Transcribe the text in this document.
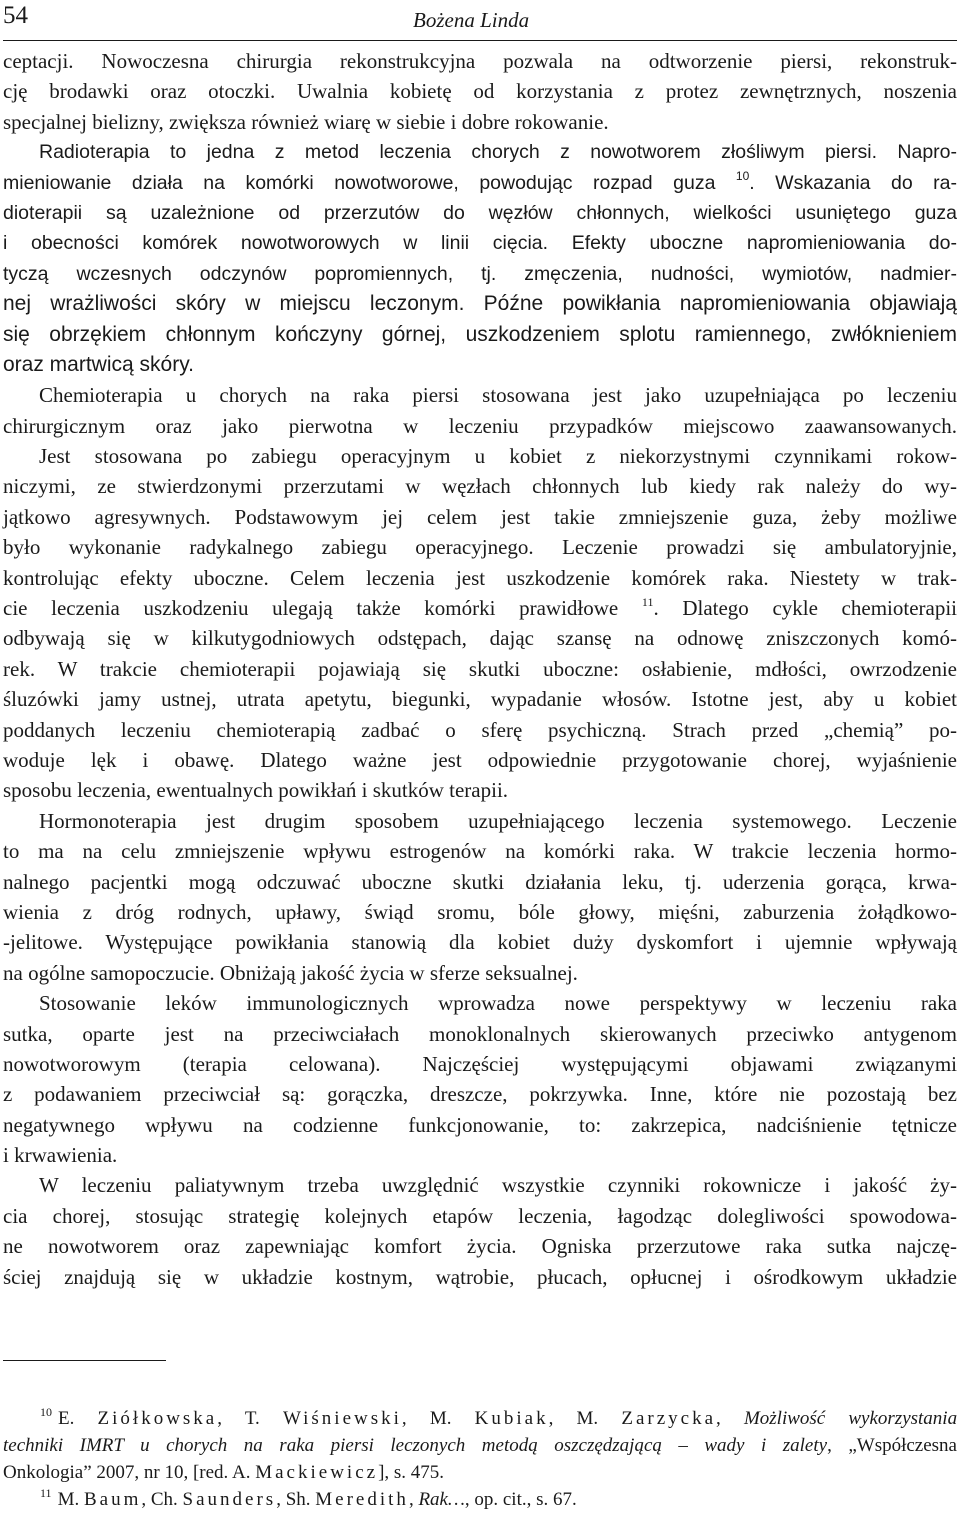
54	Bożena Linda
ceptacji. Nowoczesna chirurgia rekonstrukcyjna pozwala na odtworzenie piersi, rekonstruk-
cję brodawki oraz otoczki. Uwalnia kobietę od korzystania z protez zewnętrznych, noszenia
specjalnej bielizny, zwiększa również wiarę w siebie i dobre rokowanie.
Radioterapia to jedna z metod leczenia chorych z nowotworem złośliwym piersi. Napro-
mieniowanie działa na komórki nowotworowe, powodując rozpad guza $^{10}$. Wskazania do ra-
dioterapii są uzależnione od przerzutów do węzłów chłonnych, wielkości usuniętego guza
i obecności komórek nowotworowych w linii cięcia. Efekty uboczne napromieniowania do-
tyczą wczesnych odczynów popromiennych, tj. zmęczenia, nudności, wymiotów, nadmier-
nej wrażliwości skóry w miejscu leczonym. Późne powikłania napromieniowania objawiają
się obrzękiem chłonnym kończyny górnej, uszkodzeniem splotu ramiennego, zwłóknieniem
oraz martwicą skóry.
Chemioterapia u chorych na raka piersi stosowana jest jako uzupełniająca po leczeniu
chirurgicznym oraz jako pierwotna w leczeniu przypadków miejscowo zaawansowanych.
Jest stosowana po zabiegu operacyjnym u kobiet z niekorzystnymi czynnikami rokow-
niczymi, ze stwierdzonymi przerzutami w węzłach chłonnych lub kiedy rak należy do wy-
jątkowo agresywnych. Podstawowym jej celem jest takie zmniejszenie guza, żeby możliwe
było wykonanie radykalnego zabiegu operacyjnego. Leczenie prowadzi się ambulatoryjnie,
kontrolując efekty uboczne. Celem leczenia jest uszkodzenie komórek raka. Niestety w trak-
cie leczenia uszkodzeniu ulegają także komórki prawidłowe $^{11}$. Dlatego cykle chemioterapii
odbywają się w kilkutygodniowych odstępach, dając szansę na odnowę zniszczonych komó-
rek. W trakcie chemioterapii pojawiają się skutki uboczne: osłabienie, mdłości, owrzodzenie
śluzówki jamy ustnej, utrata apetytu, biegunki, wypadanie włosów. Istotne jest, aby u kobiet
poddanych leczeniu chemioterapią zadbać o sferę psychiczną. Strach przed „chemią” po-
woduje lęk i obawę. Dlatego ważne jest odpowiednie przygotowanie chorej, wyjaśnienie
sposobu leczenia, ewentualnych powikłań i skutków terapii.
Hormonoterapia jest drugim sposobem uzupełniającego leczenia systemowego. Leczenie
to ma na celu zmniejszenie wpływu estrogenów na komórki raka. W trakcie leczenia hormo-
nalnego pacjentki mogą odczuwać uboczne skutki działania leku, tj. uderzenia gorąca, krwa-
wienia z dróg rodnych, upławy, świąd sromu, bóle głowy, mięśni, zaburzenia żołądkowo-
-jelitowe. Występujące powikłania stanowią dla kobiet duży dyskomfort i ujemnie wpływają
na ogólne samopoczucie. Obniżają jakość życia w sferze seksualnej.
Stosowanie leków immunologicznych wprowadza nowe perspektywy w leczeniu raka
sutka, oparte jest na przeciwciałach monoklonalnych skierowanych przeciwko antygenom
nowotworowym (terapia celowana). Najczęściej występującymi objawami związanymi
z podawaniem przeciwciał są: gorączka, dreszcze, pokrzywka. Inne, które nie pozostają bez
negatywnego wpływu na codzienne funkcjonowanie, to: zakrzepica, nadciśnienie tętnicze
i krwawienia.
W leczeniu paliatywnym trzeba uwzględnić wszystkie czynniki rokownicze i jakość ży-
cia chorej, stosując strategię kolejnych etapów leczenia, łagodząc dolegliwości spowodowa-
ne nowotworem oraz zapewniając komfort życia. Ogniska przerzutowe raka sutka najczę-
ściej znajdują się w układzie kostnym, wątrobie, płucach, opłucnej i ośrodkowym układzie
$^{10}$ E. Ziółkowska, T. Wiśniewski, M. Kubiak, M. Zarzycka, Możliwość wykorzystania
techniki IMRT u chorych na raka piersi leczonych metodą oszczędzającą – wady i zalety, „Współczesna
Onkologia” 2007, nr 10, [red. A. Mackiewicz], s. 475.
$^{11}$ M. Baum, Ch. Saunders, Sh. Meredith, Rak…, op. cit., s. 67.
